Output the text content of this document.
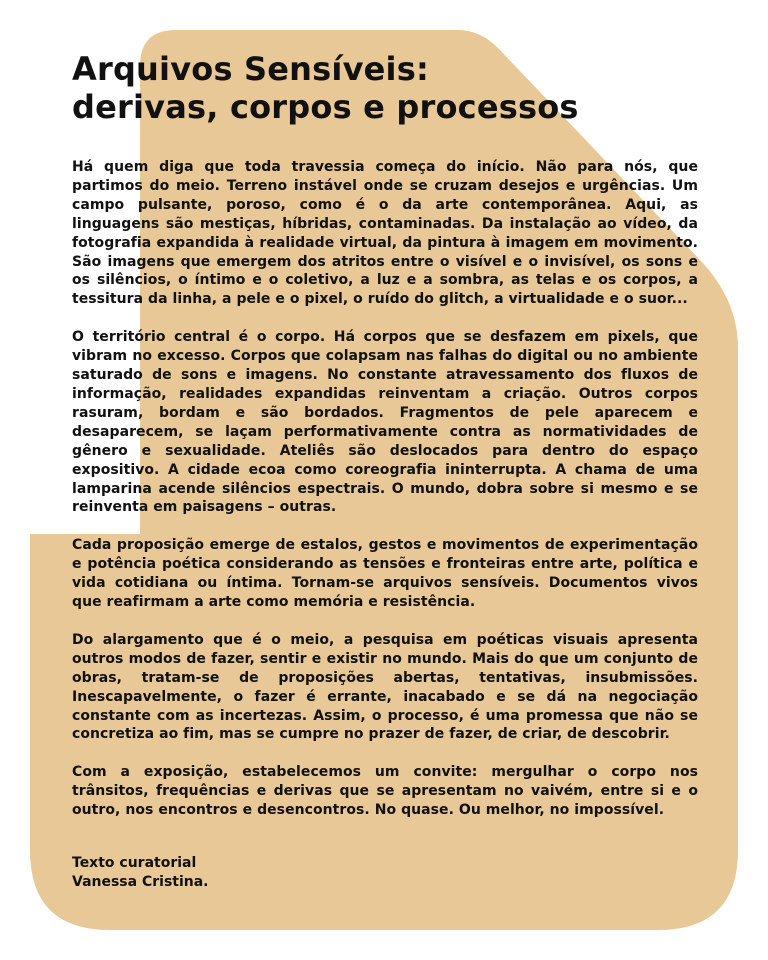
Arquivos Sensíveis:
derivas, corpos e processos

Há quem diga que toda travessia começa do início. Não para nós, que partimos do meio. Terreno instável onde se cruzam desejos e urgências. Um campo pulsante, poroso, como é o da arte contemporânea. Aqui, as linguagens são mestiças, híbridas, contaminadas. Da instalação ao vídeo, da fotografia expandida à realidade virtual, da pintura à imagem em movimento. São imagens que emergem dos atritos entre o visível e o invisível, os sons e os silêncios, o íntimo e o coletivo, a luz e a sombra, as telas e os corpos, a tessitura da linha, a pele e o pixel, o ruído do glitch, a virtualidade e o suor...

O território central é o corpo. Há corpos que se desfazem em pixels, que vibram no excesso. Corpos que colapsam nas falhas do digital ou no ambiente saturado de sons e imagens. No constante atravessamento dos fluxos de informação, realidades expandidas reinventam a criação. Outros corpos rasuram, bordam e são bordados. Fragmentos de pele aparecem e desaparecem, se laçam performativamente contra as normatividades de gênero e sexualidade. Ateliês são deslocados para dentro do espaço expositivo. A cidade ecoa como coreografia ininterrupta. A chama de uma lamparina acende silêncios espectrais. O mundo, dobra sobre si mesmo e se reinventa em paisagens – outras.

Cada proposição emerge de estalos, gestos e movimentos de experimentação e potência poética considerando as tensões e fronteiras entre arte, política e vida cotidiana ou íntima. Tornam-se arquivos sensíveis. Documentos vivos que reafirmam a arte como memória e resistência.

Do alargamento que é o meio, a pesquisa em poéticas visuais apresenta outros modos de fazer, sentir e existir no mundo. Mais do que um conjunto de obras, tratam-se de proposições abertas, tentativas, insubmissões. Inescapavelmente, o fazer é errante, inacabado e se dá na negociação constante com as incertezas. Assim, o processo, é uma promessa que não se concretiza ao fim, mas se cumpre no prazer de fazer, de criar, de descobrir.

Com a exposição, estabelecemos um convite: mergulhar o corpo nos trânsitos, frequências e derivas que se apresentam no vaivém, entre si e o outro, nos encontros e desencontros. No quase. Ou melhor, no impossível.

Texto curatorial
Vanessa Cristina.
